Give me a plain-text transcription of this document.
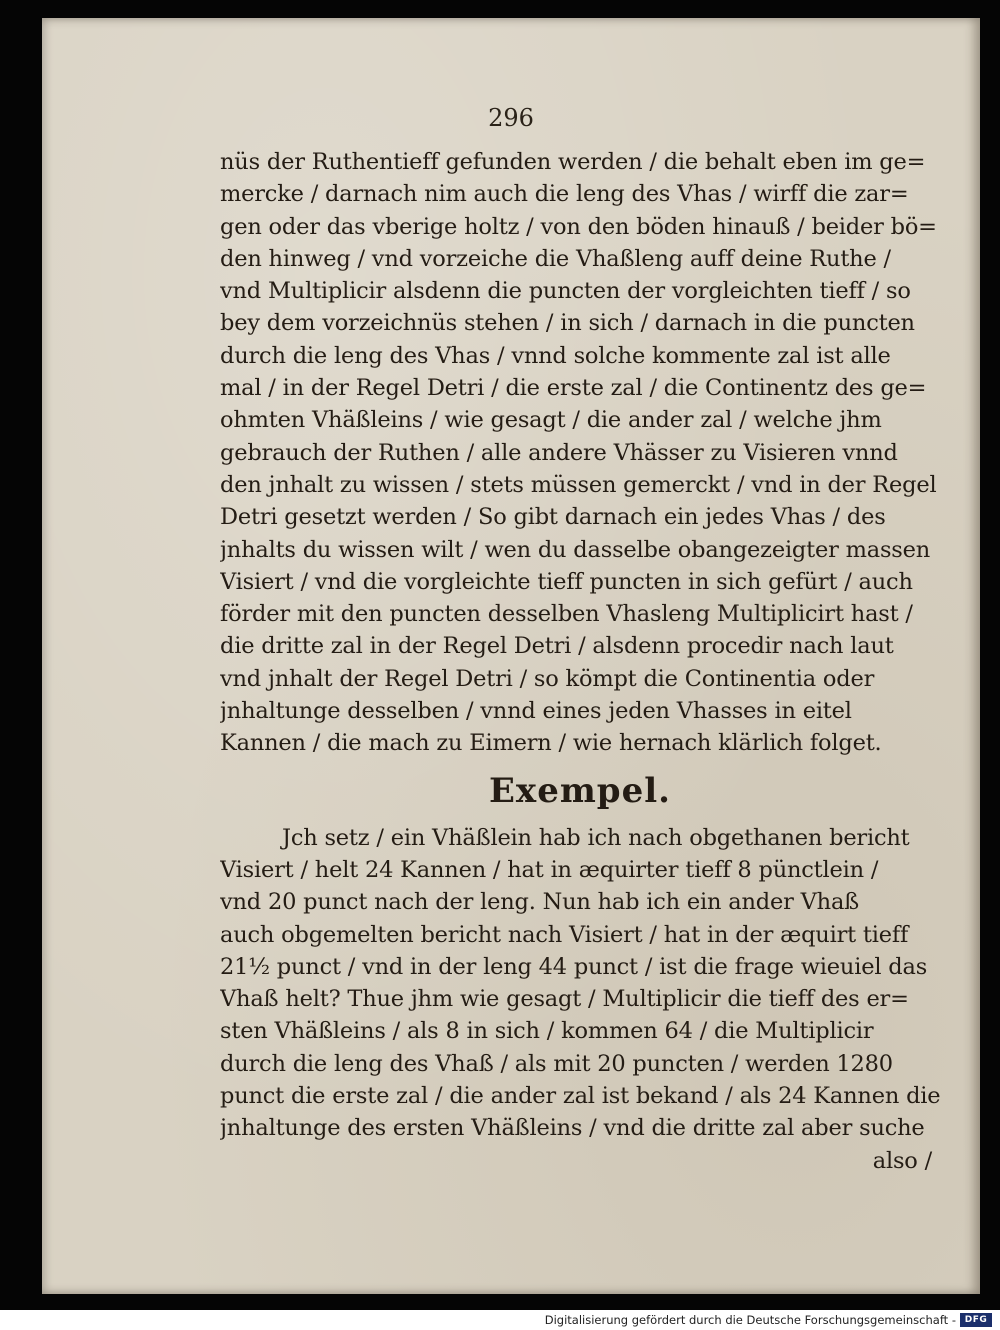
296
nüs der Ruthentieff gefunden werden / die behalt eben im ge=
mercke / darnach nim auch die leng des Vhas / wirff die zar=
gen oder das vberige holtz / von den böden hinauß / beider bö=
den hinweg / vnd vorzeiche die Vhaßleng auff deine Ruthe /
vnd Multiplicir alsdenn die puncten der vorgleichten tieff / so
bey dem vorzeichnüs stehen / in sich / darnach in die puncten
durch die leng des Vhas / vnnd solche kommente zal ist alle
mal / in der Regel Detri / die erste zal / die Continentz des ge=
ohmten Vhäßleins / wie gesagt / die ander zal / welche jhm
gebrauch der Ruthen / alle andere Vhässer zu Visieren vnnd
den jnhalt zu wissen / stets müssen gemerckt / vnd in der Regel
Detri gesetzt werden / So gibt darnach ein jedes Vhas / des
jnhalts du wissen wilt / wen du dasselbe obangezeigter massen
Visiert / vnd die vorgleichte tieff puncten in sich gefürt / auch
förder mit den puncten desselben Vhasleng Multiplicirt hast /
die dritte zal in der Regel Detri / alsdenn procedir nach laut
vnd jnhalt der Regel Detri / so kömpt die Continentia oder
jnhaltunge desselben / vnnd eines jeden Vhasses in eitel
Kannen / die mach zu Eimern / wie hernach klärlich folget.
Exempel.
Jch setz / ein Vhäßlein hab ich nach obgethanen bericht
Visiert / helt 24 Kannen / hat in æquirter tieff 8 pünctlein /
vnd 20 punct nach der leng. Nun hab ich ein ander Vhaß
auch obgemelten bericht nach Visiert / hat in der æquirt tieff
21½ punct / vnd in der leng 44 punct / ist die frage wieuiel das
Vhaß helt? Thue jhm wie gesagt / Multiplicir die tieff des er=
sten Vhäßleins / als 8 in sich / kommen 64 / die Multiplicir
durch die leng des Vhaß / als mit 20 puncten / werden 1280
punct die erste zal / die ander zal ist bekand / als 24 Kannen die
jnhaltunge des ersten Vhäßleins / vnd die dritte zal aber suche
also /
Digitalisierung gefördert durch die Deutsche Forschungsgemeinschaft - DFG
